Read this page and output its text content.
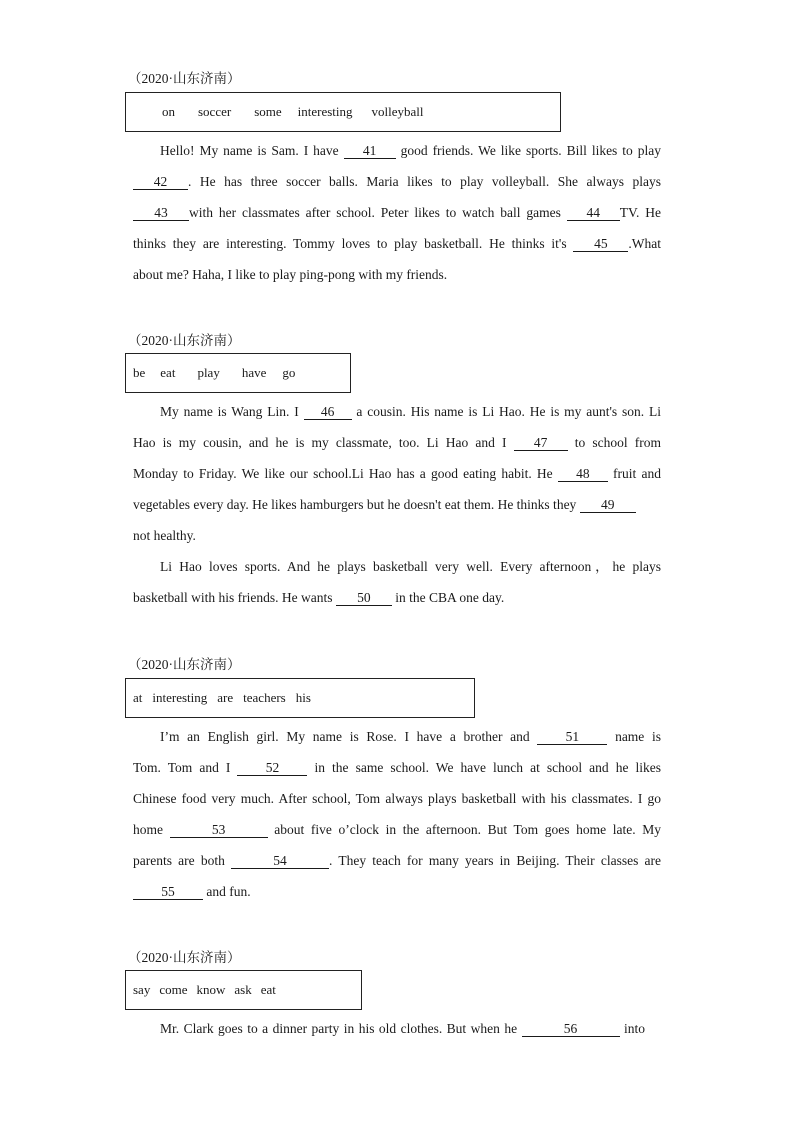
（2020·山东济南）
on soccer some interesting volleyball
Hello! My name is Sam. I have 41 good friends. We like sports. Bill likes to play
42 . He has three soccer balls. Maria likes to play volleyball. She always plays
43 with her classmates after school. Peter likes to watch ball games 44 TV. He
thinks they are interesting. Tommy loves to play basketball. He thinks it's 45 .What
about me? Haha, I like to play ping-pong with my friends.
（2020·山东济南）
be eat play have go
My name is Wang Lin. I 46 a cousin. His name is Li Hao. He is my aunt's son. Li
Hao is my cousin, and he is my classmate, too. Li Hao and I 47 to school from
Monday to Friday. We like our school.Li Hao has a good eating habit. He 48 fruit and
vegetables every day. He likes hamburgers but he doesn't eat them. He thinks they 49
not healthy.
Li Hao loves sports. And he plays basketball very well. Every afternoon，he plays
basketball with his friends. He wants 50 in the CBA one day.
（2020·山东济南）
at interesting are teachers his
I’m an English girl. My name is Rose. I have a brother and 51 name is
Tom. Tom and I 52 in the same school. We have lunch at school and he likes
Chinese food very much. After school, Tom always plays basketball with his classmates. I go
home	53	about five o’clock in the afternoon. But Tom goes home late. My
parents are both	54	. They teach for many years in Beijing. Their classes are
55 and fun.
（2020·山东济南）
say come know ask eat
Mr. Clark goes to a dinner party in his old clothes. But when he	56	into
